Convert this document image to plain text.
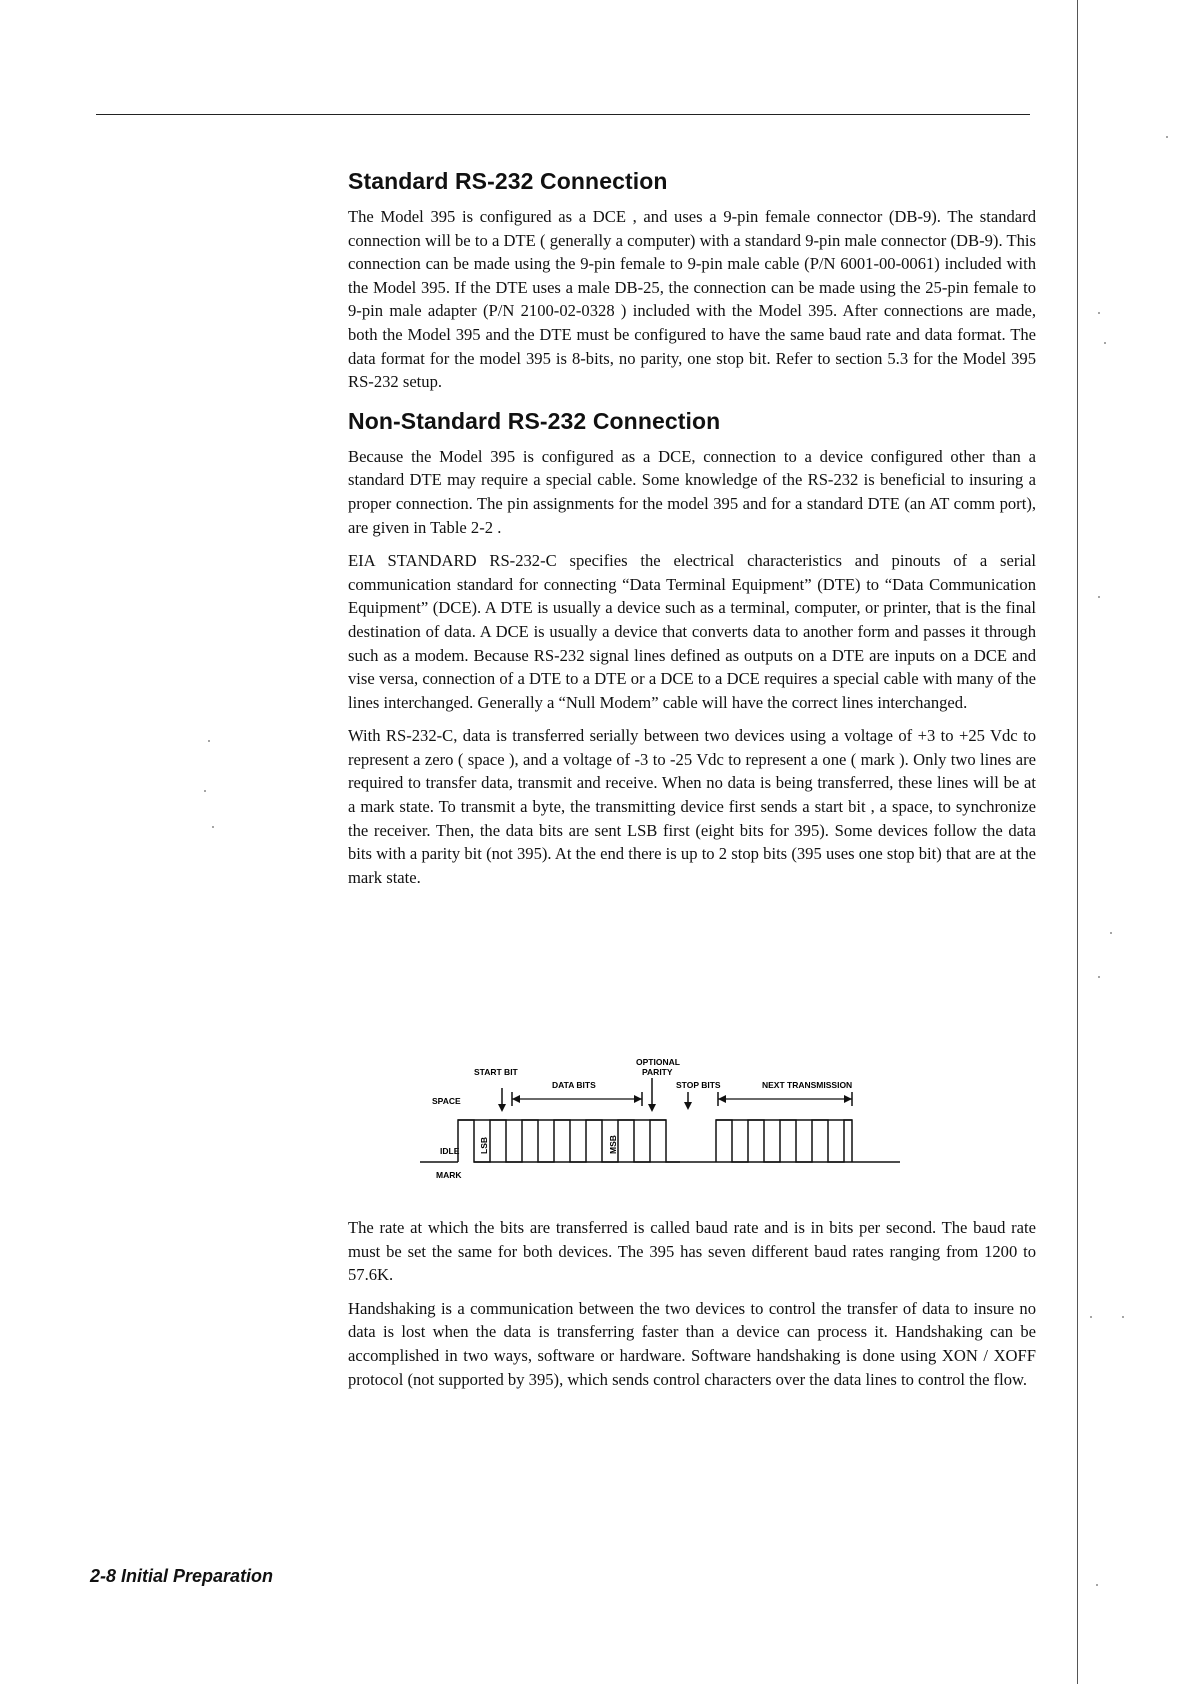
Standard RS-232 Connection

The Model 395 is configured as a DCE , and uses a 9-pin female connector (DB-9). The standard connection will be to a DTE ( generally a computer) with a standard 9-pin male connector (DB-9). This connection can be made using the 9-pin female to 9-pin male cable (P/N 6001-00-0061) included with the Model 395. If the DTE uses a male DB-25, the connection can be made using the 25-pin female to 9-pin male adapter (P/N 2100-02-0328 ) included with the Model 395. After connections are made, both the Model 395 and the DTE must be configured to have the same baud rate and data format. The data format for the model 395 is 8-bits, no parity, one stop bit. Refer to section 5.3 for the Model 395 RS-232 setup.

Non-Standard RS-232 Connection

Because the Model 395 is configured as a DCE, connection to a device configured other than a standard DTE may require a special cable. Some knowledge of the RS-232 is beneficial to insuring a proper connection. The pin assignments for the model 395 and for a standard DTE (an AT comm port), are given in Table 2-2 .

EIA STANDARD RS-232-C specifies the electrical characteristics and pinouts of a serial communication standard for connecting “Data Terminal Equipment” (DTE) to “Data Communication Equipment” (DCE). A DTE is usually a device such as a terminal, computer, or printer, that is the final destination of data. A DCE is usually a device that converts data to another form and passes it through such as a modem. Because RS-232 signal lines defined as outputs on a DTE are inputs on a DCE and vise versa, connection of a DTE to a DTE or a DCE to a DCE requires a special cable with many of the lines interchanged. Generally a “Null Modem” cable will have the correct lines interchanged.

With RS-232-C, data is transferred serially between two devices using a voltage of +3 to +25 Vdc to represent a zero ( space ), and a voltage of -3 to -25 Vdc to represent a one ( mark ). Only two lines are required to transfer data, transmit and receive. When no data is being transferred, these lines will be at a mark state. To transmit a byte, the transmitting device first sends a start bit , a space, to synchronize the receiver. Then, the data bits are sent LSB first (eight bits for 395). Some devices follow the data bits with a parity bit (not 395). At the end there is up to 2 stop bits (395 uses one stop bit) that are at the mark state.

OPTIONAL
PARITY
START BIT
DATA BITS	STOP BITS	NEXT TRANSMISSION
SPACE
IDLE
MARK
LSB	MSB

The rate at which the bits are transferred is called baud rate and is in bits per second. The baud rate must be set the same for both devices. The 395 has seven different baud rates ranging from 1200 to 57.6K.

Handshaking is a communication between the two devices to control the transfer of data to insure no data is lost when the data is transferring faster than a device can process it. Handshaking can be accomplished in two ways, software or hardware. Software handshaking is done using XON / XOFF protocol (not supported by 395), which sends control characters over the data lines to control the flow.

2-8 Initial Preparation
